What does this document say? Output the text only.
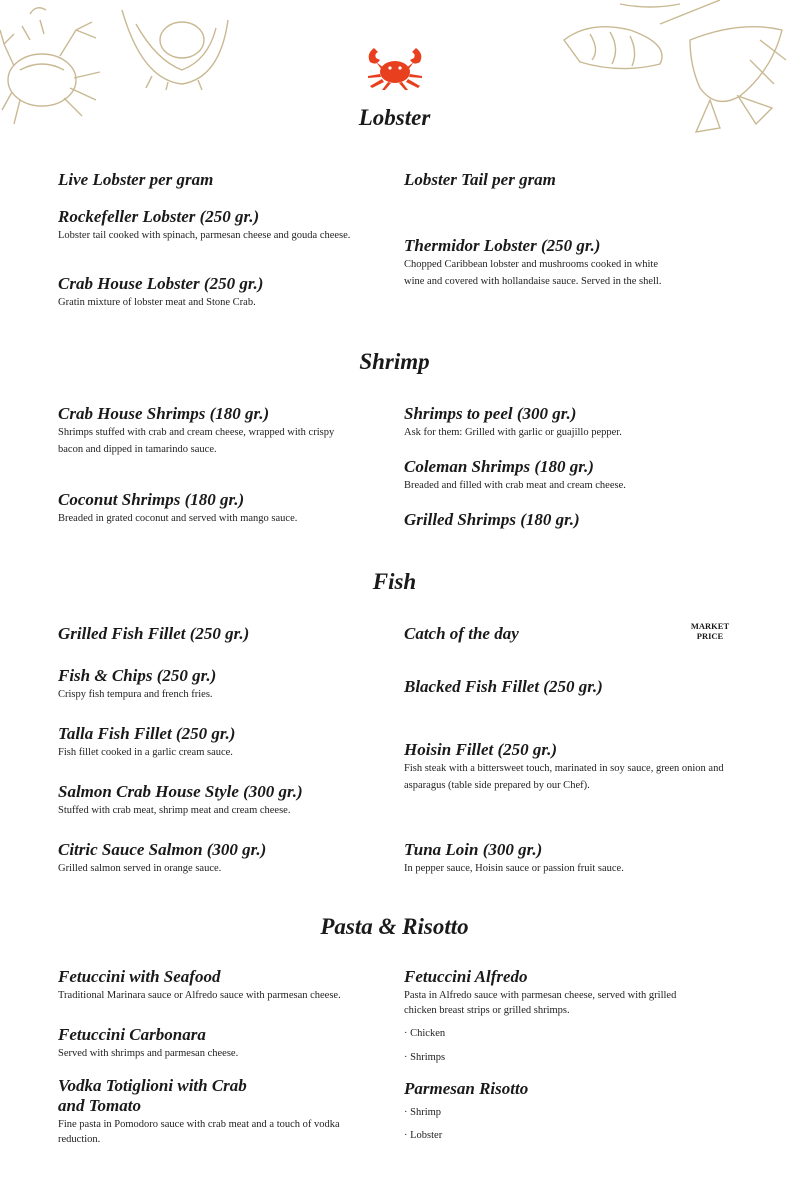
Lobster

Live Lobster per gram	Lobster Tail per gram

Rockefeller Lobster (250 gr.)

Lobster tail cooked with spinach, parmesan cheese and gouda cheese.

Thermidor Lobster (250 gr.)

Chopped Caribbean lobster and mushrooms cooked in white wine and covered with hollandaise sauce. Served in the shell.

Crab House Lobster (250 gr.)

Gratin mixture of lobster meat and Stone Crab.

Shrimp

Crab House Shrimps (180 gr.)

Shrimps stuffed with crab and cream cheese, wrapped with crispy bacon and dipped in tamarindo sauce.

Shrimps to peel (300 gr.)

Ask for them: Grilled with garlic or guajillo pepper.

Coleman Shrimps (180 gr.)

Breaded and filled with crab meat and cream cheese.

Coconut Shrimps (180 gr.)

Breaded in grated coconut and served with mango sauce.	Grilled Shrimps (180 gr.)

Fish

Grilled Fish Fillet (250 gr.)	Catch of the day	MARKET PRICE

Fish & Chips (250 gr.)

Crispy fish tempura and french fries.	Blacked Fish Fillet (250 gr.)

Talla Fish Fillet (250 gr.)

Fish fillet cooked in a garlic cream sauce.	Hoisin Fillet (250 gr.)

Fish steak with a bittersweet touch, marinated in soy sauce, green onion and asparagus (table side prepared by our Chef).

Salmon Crab House Style (300 gr.)

Stuffed with crab meat, shrimp meat and cream cheese.

Citric Sauce Salmon (300 gr.)

Grilled salmon served in orange sauce.

Tuna Loin (300 gr.)

In pepper sauce, Hoisin sauce or passion fruit sauce.

Pasta & Risotto

Fetuccini with Seafood

Traditional Marinara sauce or Alfredo sauce with parmesan cheese.

Fetuccini Alfredo

Pasta in Alfredo sauce with parmesan cheese, served with grilled chicken breast strips or grilled shrimps.

· Chicken
· Shrimps

Fetuccini Carbonara

Served with shrimps and parmesan cheese.

Parmesan Risotto

· Shrimp
· Lobster

Vodka Totiglioni with Crab and Tomato

Fine pasta in Pomodoro sauce with crab meat and a touch of vodka reduction.
